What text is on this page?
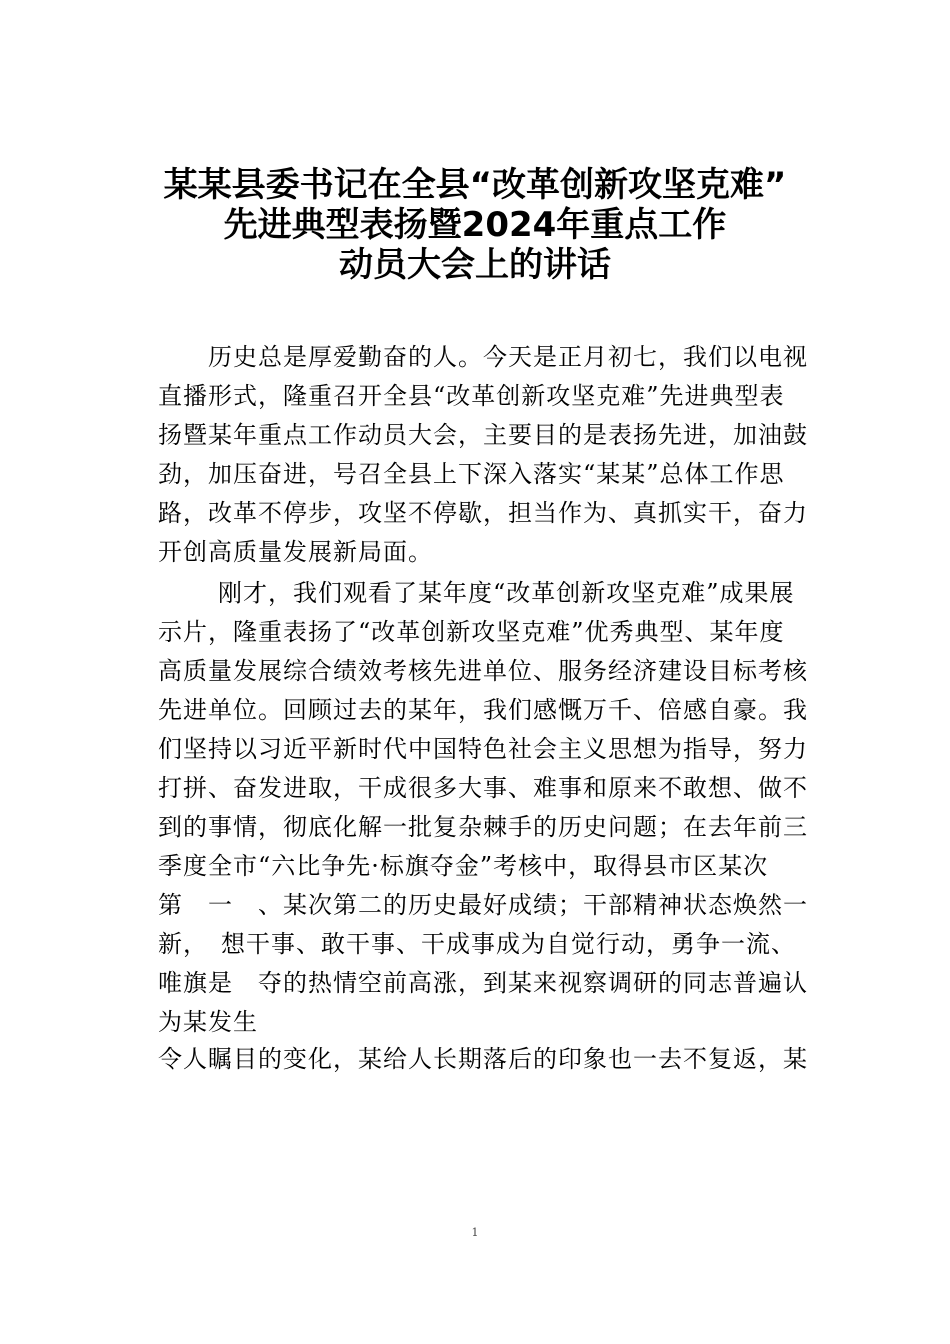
某某县委书记在全县“改革创新攻坚克难”
先进典型表扬暨2024年重点工作
动员大会上的讲话

历史总是厚爱勤奋的人。今天是正月初七，我们以电视

直播形式，隆重召开全县“改革创新攻坚克难”先进典型表

扬暨某年重点工作动员大会，主要目的是表扬先进，加油鼓

劲，加压奋进，号召全县上下深入落实“某某”总体工作思

路，改革不停步，攻坚不停歇，担当作为、真抓实干，奋力

开创高质量发展新局面。

刚才，我们观看了某年度“改革创新攻坚克难”成果展

示片，隆重表扬了“改革创新攻坚克难”优秀典型、某年度

高质量发展综合绩效考核先进单位、服务经济建设目标考核

先进单位。回顾过去的某年，我们感慨万千、倍感自豪。我

们坚持以习近平新时代中国特色社会主义思想为指导，努力

打拼、奋发进取，干成很多大事、难事和原来不敢想、做不

到的事情，彻底化解一批复杂棘手的历史问题；在去年前三

季度全市“六比争先·标旗夺金”考核中，取得县市区某次

第　一　、某次第二的历史最好成绩；干部精神状态焕然一

新，　想干事、敢干事、干成事成为自觉行动，勇争一流、

唯旗是　夺的热情空前高涨，到某来视察调研的同志普遍认

为某发生

令人瞩目的变化，某给人长期落后的印象也一去不复返，某

1
